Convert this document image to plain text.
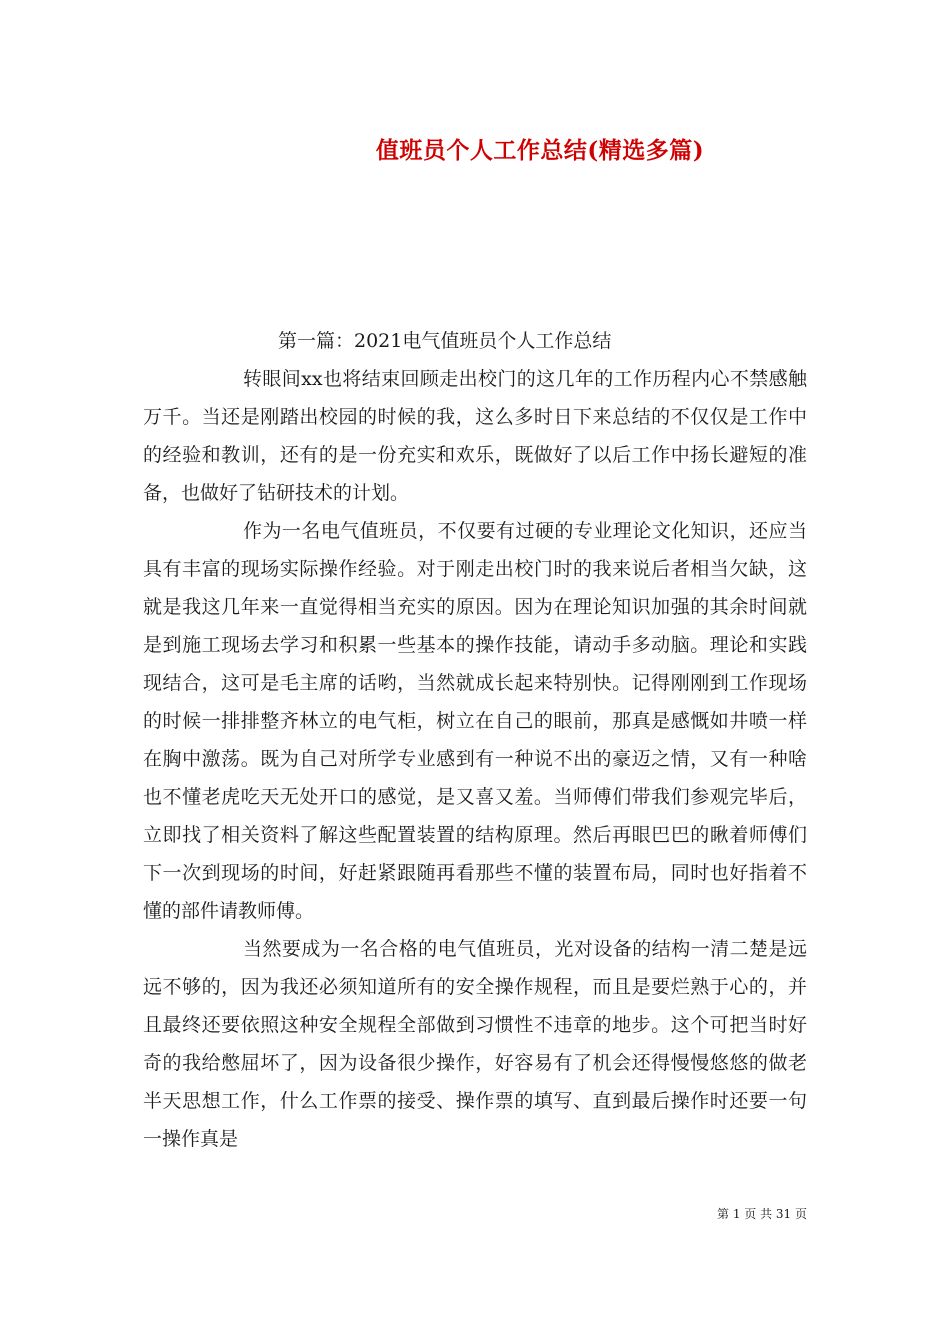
值班员个人工作总结(精选多篇)

第一篇：2021电气值班员个人工作总结

转眼间xx也将结束回顾走出校门的这几年的工作历程内心不禁感触万千。当还是刚踏出校园的时候的我，这么多时日下来总结的不仅仅是工作中的经验和教训，还有的是一份充实和欢乐，既做好了以后工作中扬长避短的准备，也做好了钻研技术的计划。

作为一名电气值班员，不仅要有过硬的专业理论文化知识，还应当具有丰富的现场实际操作经验。对于刚走出校门时的我来说后者相当欠缺，这就是我这几年来一直觉得相当充实的原因。因为在理论知识加强的其余时间就是到施工现场去学习和积累一些基本的操作技能，请动手多动脑。理论和实践现结合，这可是毛主席的话哟，当然就成长起来特别快。记得刚刚到工作现场的时候一排排整齐林立的电气柜，树立在自己的眼前，那真是感慨如井喷一样在胸中激荡。既为自己对所学专业感到有一种说不出的豪迈之情，又有一种啥也不懂老虎吃天无处开口的感觉，是又喜又羞。当师傅们带我们参观完毕后，立即找了相关资料了解这些配置装置的结构原理。然后再眼巴巴的瞅着师傅们下一次到现场的时间，好赶紧跟随再看那些不懂的装置布局，同时也好指着不懂的部件请教师傅。

当然要成为一名合格的电气值班员，光对设备的结构一清二楚是远远不够的，因为我还必须知道所有的安全操作规程，而且是要烂熟于心的，并且最终还要依照这种安全规程全部做到习惯性不违章的地步。这个可把当时好奇的我给憋屈坏了，因为设备很少操作，好容易有了机会还得慢慢悠悠的做老半天思想工作，什么工作票的接受、操作票的填写、直到最后操作时还要一句一操作真是

第 1 页 共 31 页
